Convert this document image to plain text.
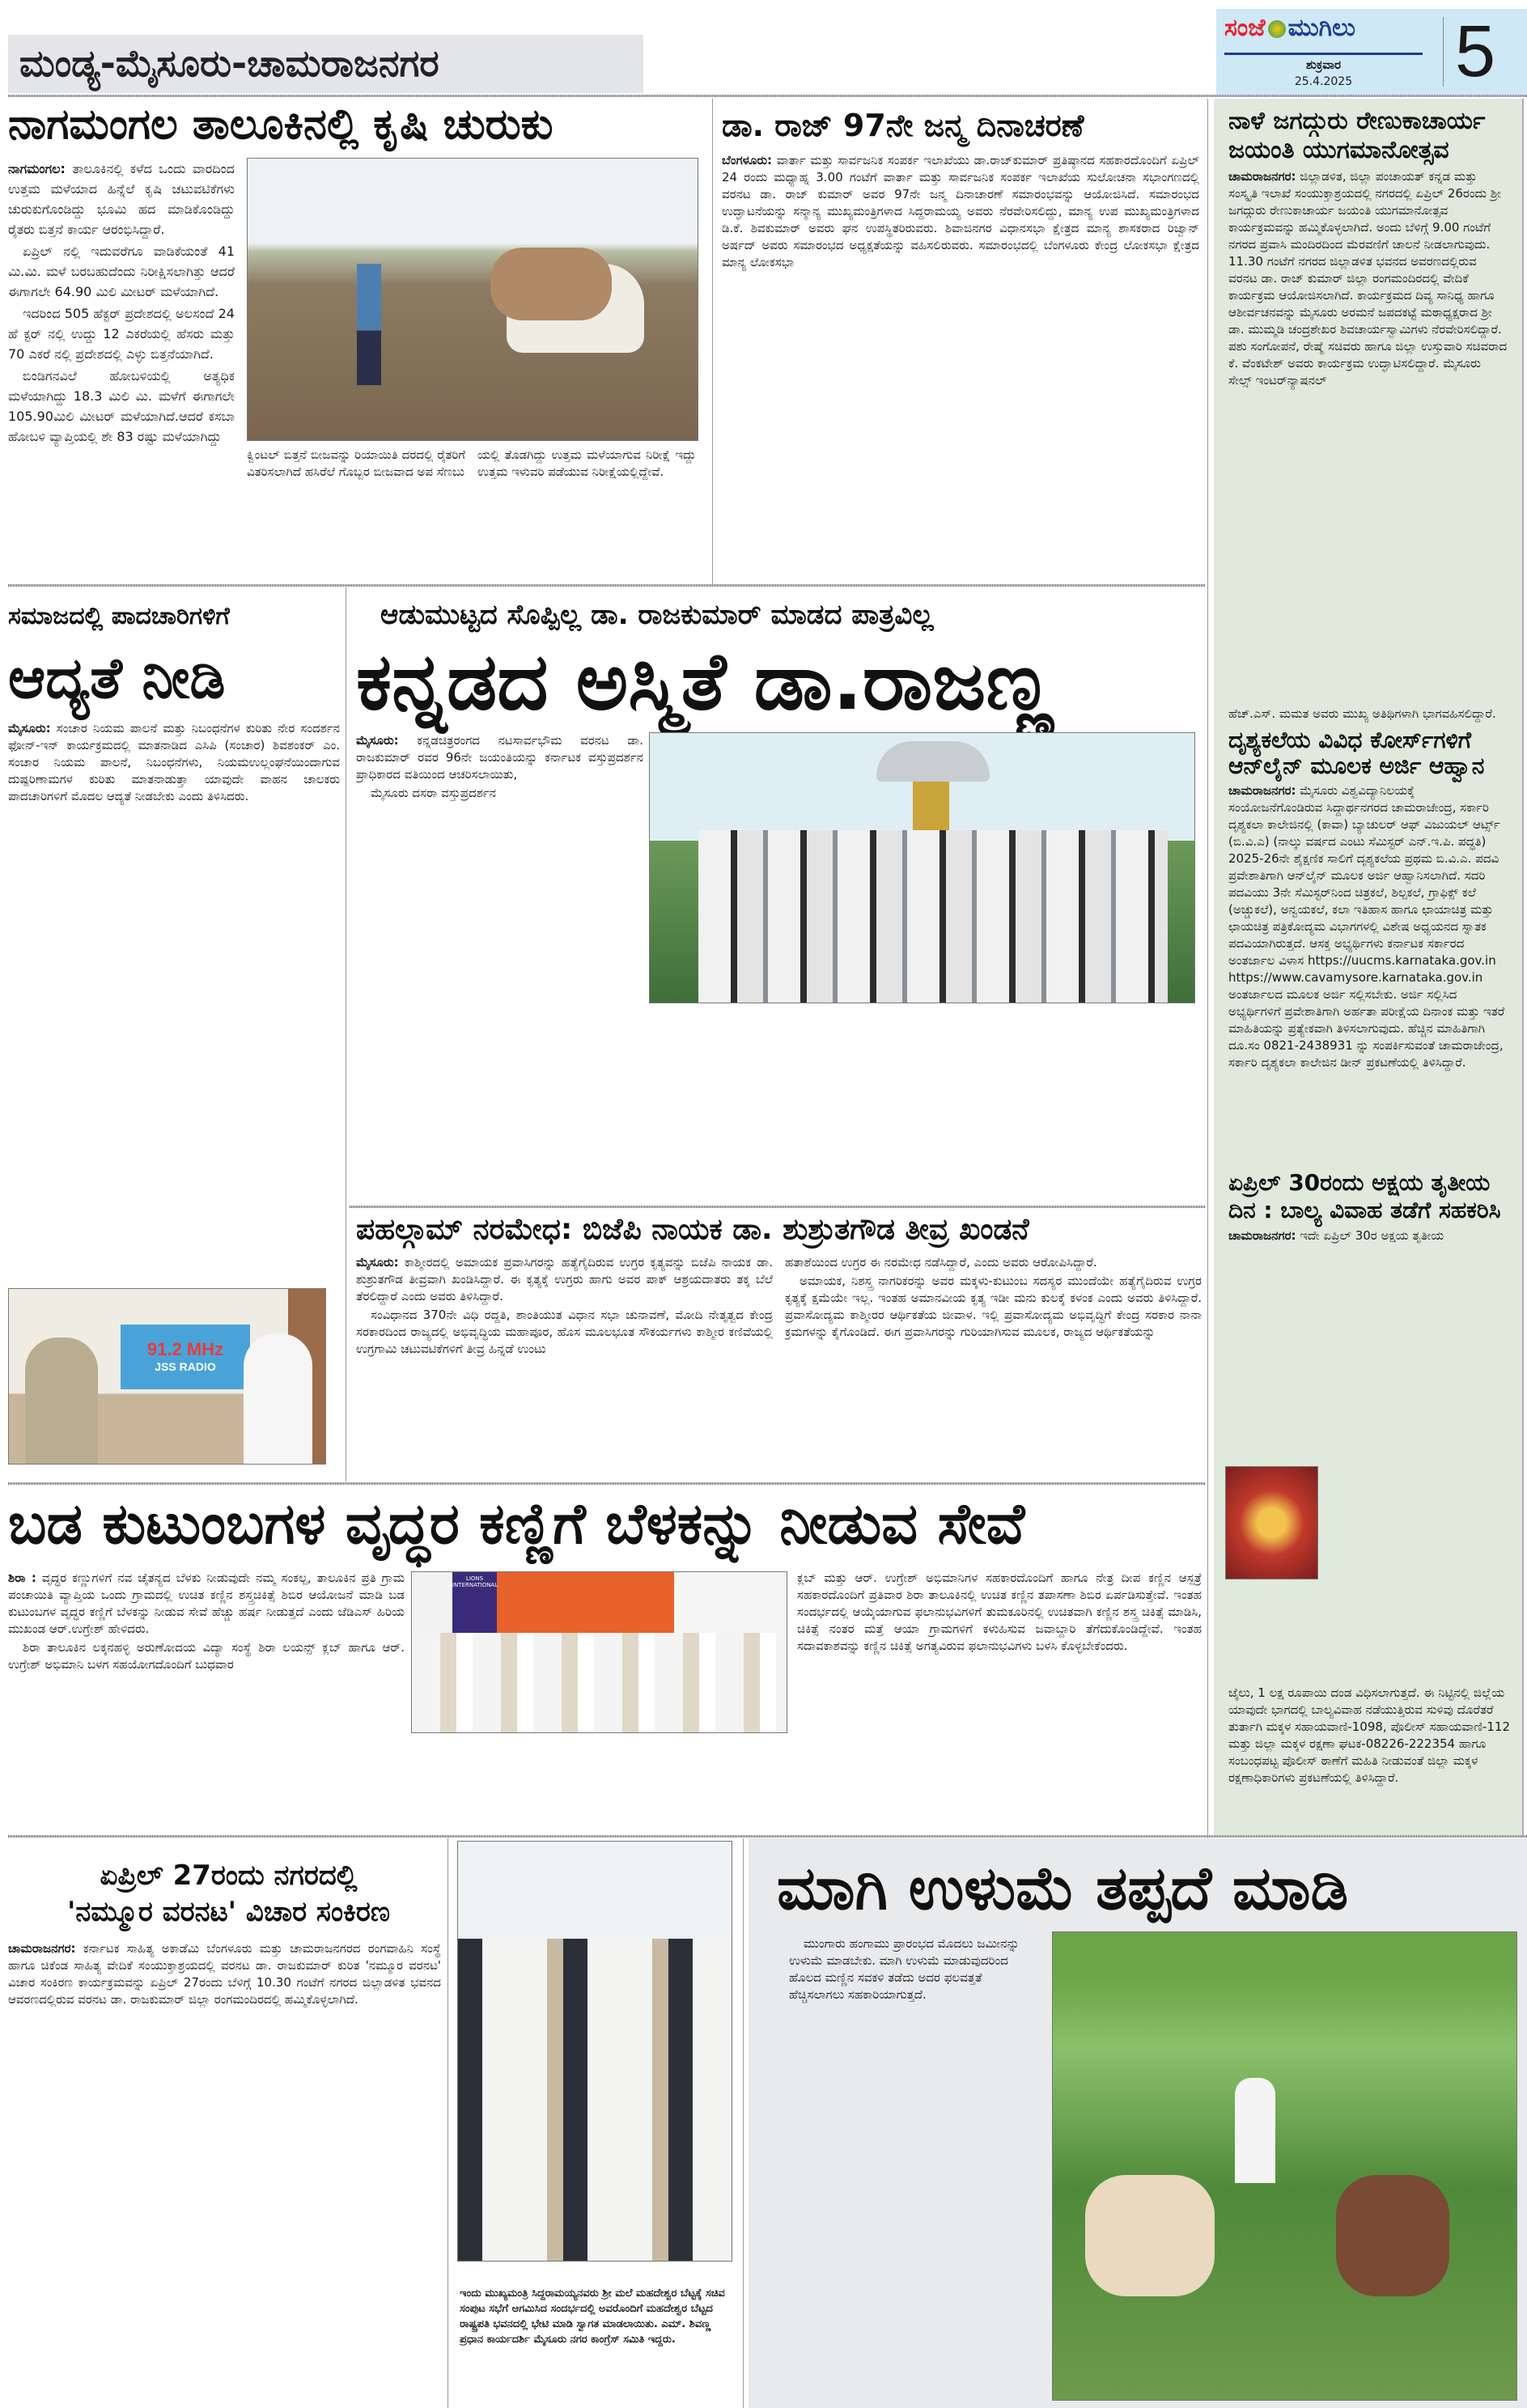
ಮಂಡ್ಯ-ಮೈಸೂರು-ಚಾಮರಾಜನಗರ
ಸಂಜೆ ಮುಗಿಲು
ಶುಕ್ರವಾರ
25.4.2025	5
ನಾಗಮಂಗಲ ತಾಲೂಕಿನಲ್ಲಿ ಕೃಷಿ ಚುರುಕು

ನಾಗಮಂಗಲ: ತಾಲೂಕಿನಲ್ಲಿ ಕಳೆದ ಒಂದು ವಾರದಿಂದ ಉತ್ತಮ ಮಳೆಯಾದ ಹಿನ್ನೆಲೆ ಕೃಷಿ ಚಟುವಟಿಕೆಗಳು ಚುರುಕುಗೊಂಡಿದ್ದು ಭೂಮಿ ಹದ ಮಾಡಿಕೊಂಡಿದ್ದು ರೈತರು ಬಿತ್ತನೆ ಕಾರ್ಯ ಆರಂಭಿಸಿದ್ದಾರೆ.

ಏಪ್ರಿಲ್ ನಲ್ಲಿ ಇದುವರೆಗೂ ವಾಡಿಕೆಯಂತೆ 41 ಮಿ.ಮಿ. ಮಳೆ ಬರಬಹುದೆಂದು ನಿರೀಕ್ಷಿಸಲಾಗಿತ್ತು ಆದರೆ ಈಗಾಗಲೇ 64.90 ಮಿಲಿ ಮೀಟರ್ ಮಳೆಯಾಗಿದೆ.

ಇದರಿಂದ 505 ಹೆಕ್ಟರ್ ಪ್ರದೇಶದಲ್ಲಿ ಅಲಸಂದೆ 24 ಹೆ ಕ್ಟರ್ ನಲ್ಲಿ ಉದ್ದು 12 ಎಕರೆಯಲ್ಲಿ ಹೆಸರು ಮತ್ತು 70 ಎಕರೆ ನಲ್ಲಿ ಪ್ರದೇಶದಲ್ಲಿ ಎಳ್ಳು ಬಿತ್ತನೆಯಾಗಿದೆ.

ಬಿಂಡಿಗನವಿಲೆ ಹೋಬಳಿಯಲ್ಲಿ ಅತ್ಯಧಿಕ ಮಳೆಯಾಗಿದ್ದು 18.3 ಮಿಲಿ ಮಿ. ಮಳೆಗೆ ಈಗಾಗಲೇ 105.90ಮಿಲಿ ಮೀಟರ್ ಮಳೆಯಾಗಿದೆ.ಆದರೆ ಕಸಬಾ ಹೋಬಳಿ ವ್ಯಾಪ್ತಿಯಲ್ಲಿ ಶೇ 83 ರಷ್ಟು ಮಳೆಯಾಗಿದ್ದು

ಕ್ವಿಂಟಲ್ ಬಿತ್ತನೆ ಬೀಜವನ್ನು ರಿಯಾಯಿತಿ ದರದಲ್ಲಿ ರೈತರಿಗೆ ವಿತರಿಸಲಾಗಿದೆ ಹಸಿರೆಲೆ ಗೊಬ್ಬರ ಬೀಜವಾದ ಅಪ ಸೆಣಬು

ಯಲ್ಲಿ ತೊಡಗಿದ್ದು ಉತ್ತಮ ಮಳೆಯಾಗುವ ನಿರೀಕ್ಷೆ ಇದ್ದು ಉತ್ತಮ ಇಳುವರಿ ಪಡೆಯುವ ನಿರೀಕ್ಷೆಯಲ್ಲಿದ್ದೇವೆ.

ಡಾ. ರಾಜ್ 97ನೇ ಜನ್ಮ ದಿನಾಚರಣೆ

ಬೆಂಗಳೂರು: ವಾರ್ತಾ ಮತ್ತು ಸಾರ್ವಜನಿಕ ಸಂಪರ್ಕ ಇಲಾಖೆಯು ಡಾ.ರಾಜ್‌ಕುಮಾರ್ ಪ್ರತಿಷ್ಠಾನದ ಸಹಕಾರದೊಂದಿಗೆ ಏಪ್ರಿಲ್ 24 ರಂದು ಮಧ್ಯಾಹ್ನ 3.00 ಗಂಟೆಗೆ ವಾರ್ತಾ ಮತ್ತು ಸಾರ್ವಜನಿಕ ಸಂಪರ್ಕ ಇಲಾಖೆಯ ಸುಲೋಚನಾ ಸಭಾಂಗಣದಲ್ಲಿ ವರನಟ ಡಾ. ರಾಜ್ ಕುಮಾರ್ ಅವರ 97ನೇ ಜನ್ಮ ದಿನಾಚಾರಣೆ ಸಮಾರಂಭವನ್ನು ಆಯೋಜಿಸಿದೆ. ಸಮಾರಂಭದ ಉದ್ಘಾಟನೆಯನ್ನು ಸನ್ಮಾನ್ಯ ಮುಖ್ಯಮಂತ್ರಿಗಳಾದ ಸಿದ್ದರಾಮಯ್ಯ ಅವರು ನೆರವೇರಿಸಲಿದ್ದು, ಮಾನ್ಯ ಉಪ ಮುಖ್ಯಮಂತ್ರಿಗಳಾದ ಡಿ.ಕೆ. ಶಿವಕುಮಾರ್ ಅವರು ಘನ ಉಪಸ್ಥಿತರಿರುವರು. ಶಿವಾಜಿನಗರ ವಿಧಾನಸಭಾ ಕ್ಷೇತ್ರದ ಮಾನ್ಯ ಶಾಸಕರಾದ ರಿಜ್ವಾನ್ ಅರ್ಷದ್ ಅವರು ಸಮಾರಂಭದ ಅಧ್ಯಕ್ಷತೆಯನ್ನು ವಹಿಸಲಿರುವರು. ಸಮಾರಂಭದಲ್ಲಿ ಬೆಂಗಳೂರು ಕೇಂದ್ರ ಲೋಕಸಭಾ ಕ್ಷೇತ್ರದ ಮಾನ್ಯ ಲೋಕಸಭಾ

ನಾಳೆ ಜಗದ್ಗುರು ರೇಣುಕಾಚಾರ್ಯ ಜಯಂತಿ ಯುಗಮಾನೋತ್ಸವ

ಚಾಮರಾಜನಗರ: ಜಿಲ್ಲಾಡಳಿತ, ಜಿಲ್ಲಾ ಪಂಚಾಯತ್ ಕನ್ನಡ ಮತ್ತು ಸಂಸ್ಕೃತಿ ಇಲಾಖೆ ಸಂಯುಕ್ತಾಶ್ರಯದಲ್ಲಿ ನಗರದಲ್ಲಿ ಏಪ್ರಿಲ್ 26ರಂದು ಶ್ರೀ ಜಗದ್ಗುರು ರೇಣುಕಾಚಾರ್ಯ ಜಯಂತಿ ಯುಗಮಾನೋತ್ಸವ ಕಾರ್ಯಕ್ರಮವನ್ನು ಹಮ್ಮಿಕೊಳ್ಳಲಾಗಿದೆ. ಅಂದು ಬೆಳಿಗ್ಗೆ 9.00 ಗಂಟೆಗೆ ನಗರದ ಪ್ರವಾಸಿ ಮಂದಿರದಿಂದ ಮೆರವಣಿಗೆ ಚಾಲನೆ ನೀಡಲಾಗುವುದು. 11.30 ಗಂಟೆಗೆ ನಗರದ ಜಿಲ್ಲಾಡಳಿತ ಭವನದ ಅವರಣದಲ್ಲಿರುವ ವರನಟ ಡಾ. ರಾಜ್ ಕುಮಾರ್ ಜಿಲ್ಲಾ ರಂಗಮಂದಿರದಲ್ಲಿ ವೇದಿಕೆ ಕಾರ್ಯಕ್ರಮ ಆಯೋಜಿಸಲಾಗಿದೆ. ಕಾರ್ಯಕ್ರಮದ ದಿವ್ಯ ಸಾನಿಧ್ಯ ಹಾಗೂ ಆಶೀರ್ವಚನವನ್ನು ಮೈಸೂರು ಅರಮನೆ ಜಪದಕಟ್ಟೆ ಮಠಾಧ್ಯಕ್ಷರಾದ ಶ್ರೀ ಡಾ. ಮುಮ್ಮಡಿ ಚಂದ್ರಶೇಖರ ಶಿವಚಾರ್ಯಸ್ವಾಮಿಗಳು ನೆರವೇರಿಸಲಿದ್ದಾರೆ. ಪಶು ಸಂಗೋಪನೆ, ರೇಷ್ಮೆ ಸಚಿವರು ಹಾಗೂ ಜಿಲ್ಲಾ ಉಸ್ತುವಾರಿ ಸಚಿವರಾದ ಕೆ. ವೆಂಕಟೇಶ್ ಅವರು ಕಾರ್ಯಕ್ರಮ ಉದ್ಘಾಟಿಸಲಿದ್ದಾರೆ. ಮೈಸೂರು ಸೇಲ್ಸ್ ಇಂಟರ್‌ನ್ಯಾಷನಲ್

ಹೆಚ್.ಎಸ್. ಮಮತ ಅವರು ಮುಖ್ಯ ಅತಿಥಿಗಳಾಗಿ ಭಾಗವಹಿಸಲಿದ್ದಾರೆ.
ದೃಶ್ಯಕಲೆಯ ವಿವಿಧ ಕೋರ್ಸ್‌ಗಳಿಗೆ ಆನ್‌ಲೈನ್ ಮೂಲಕ ಅರ್ಜಿ ಆಹ್ವಾನ

ಚಾಮರಾಜನಗರ: ಮೈಸೂರು ವಿಶ್ವವಿದ್ಯಾನಿಲಯಕ್ಕೆ ಸಂಯೋಜನೆಗೊಂಡಿರುವ ಸಿದ್ದಾರ್ಥನಗರದ ಚಾಮರಾಜೇಂದ್ರ, ಸರ್ಕಾರಿ ದೃಶ್ಯಕಲಾ ಕಾಲೇಜಿನಲ್ಲಿ (ಕಾವಾ) ಬ್ಯಾಚುಲರ್ ಆಫ್ ವಿಜುಯಲ್ ಆರ್ಟ್ಸ್ (ಬಿ.ವಿ.ಎ) (ನಾಲ್ಕು ವರ್ಷದ ಎಂಟು ಸೆಮಿಸ್ಟರ್ ಎನ್.ಇ.ಪಿ. ಪದ್ಧತಿ) 2025-26ನೇ ಶೈಕ್ಷಣಿಕ ಸಾಲಿಗೆ ದೃಶ್ಯಕಲೆಯ ಪ್ರಥಮ ಬಿ.ವಿ.ಎ. ಪದವಿ ಪ್ರವೇಶಾತಿಗಾಗಿ ಆನ್‌ಲೈನ್ ಮೂಲಕ ಅರ್ಜಿ ಆಹ್ವಾನಿಸಲಾಗಿದೆ. ಸದರಿ ಪದವಿಯು 3ನೇ ಸೆಮಿಸ್ಟರ್‌ನಿಂದ ಚಿತ್ರಕಲೆ, ಶಿಲ್ಪಕಲೆ, ಗ್ರಾಫಿಕ್ಸ್ ಕಲೆ (ಅಚ್ಚುಕಲೆ), ಅನ್ವಯಕಲೆ, ಕಲಾ ಇತಿಹಾಸ ಹಾಗೂ ಛಾಯಾಚಿತ್ರ ಮತ್ತು ಛಾಯಚಿತ್ರ ಪತ್ರಿಕೋದ್ಯಮ ವಿಭಾಗಗಳಲ್ಲಿ ವಿಶೇಷ ಅಧ್ಯಯನದ ಸ್ನಾತಕ ಪದವಿಯಾಗಿರುತ್ತದೆ. ಆಸಕ್ತ ಅಭ್ಯರ್ಥಿಗಳು ಕರ್ನಾಟಕ ಸರ್ಕಾರದ ಅಂತರ್ಜಾಲ ವಿಳಾಸ https://uucms.karnataka.gov.in https://www.cavamysore.karnataka.gov.in ಅಂತರ್ಜಾಲದ ಮೂಲಕ ಅರ್ಜಿ ಸಲ್ಲಿಸಬೇಕು. ಅರ್ಜಿ ಸಲ್ಲಿಸಿದ ಅಭ್ಯರ್ಥಿಗಳಿಗೆ ಪ್ರವೇಶಾತಿಗಾಗಿ ಅರ್ಹತಾ ಪರೀಕ್ಷೆಯ ದಿನಾಂಕ ಮತ್ತು ಇತರೆ ಮಾಹಿತಿಯನ್ನು ಪ್ರತ್ಯೇಕವಾಗಿ ತಿಳಿಸಲಾಗುವುದು. ಹೆಚ್ಚಿನ ಮಾಹಿತಿಗಾಗಿ ದೂ.ಸಂ 0821-2438931 ನ್ನು ಸಂಪರ್ಕಿಸುವಂತೆ ಚಾಮರಾಜೇಂದ್ರ, ಸರ್ಕಾರಿ ದೃಶ್ಯಕಲಾ ಕಾಲೇಜಿನ ಡೀನ್ ಪ್ರಕಟಣೆಯಲ್ಲಿ ತಿಳಿಸಿದ್ದಾರೆ.

ಏಪ್ರಿಲ್ 30ರಂದು ಅಕ್ಷಯ ತೃತೀಯ ದಿನ : ಬಾಲ್ಯ ವಿವಾಹ ತಡೆಗೆ ಸಹಕರಿಸಿ

ಚಾಮರಾಜನಗರ: ಇದೇ ಏಪ್ರಿಲ್ 30ರ ಅಕ್ಷಯ ತೃತೀಯ

ಜೈಲು, 1 ಲಕ್ಷ ರೂಪಾಯಿ ದಂಡ ವಿಧಿಸಲಾಗುತ್ತದೆ. ಈ ನಿಟ್ಟಿನಲ್ಲಿ ಜಿಲ್ಲೆಯ ಯಾವುದೇ ಭಾಗದಲ್ಲಿ ಬಾಲ್ಯವಿವಾಹ ನಡೆಯುತ್ತಿರುವ ಸುಳಿವು ದೊರೆತರೆ ತುರ್ತಾಗಿ ಮಕ್ಕಳ ಸಹಾಯವಾಣಿ-1098, ಪೊಲೀಸ್ ಸಹಾಯವಾಣಿ-112 ಮತ್ತು ಜಿಲ್ಲಾ ಮಕ್ಕಳ ರಕ್ಷಣಾ ಘಟಕ-08226-222354 ಹಾಗೂ ಸಂಬಂಧಪಟ್ಟ ಪೊಲೀಸ್ ಠಾಣೆಗೆ ಮಹಿತಿ ನೀಡುವಂತೆ ಜಿಲ್ಲಾ ಮಕ್ಕಳ ರಕ್ಷಣಾಧಿಕಾರಿಗಳು ಪ್ರಕಟಣೆಯಲ್ಲಿ ತಿಳಿಸಿದ್ದಾರೆ.
ಸಮಾಜದಲ್ಲಿ ಪಾದಚಾರಿಗಳಿಗೆ
ಆದ್ಯತೆ ನೀಡಿ

ಮೈಸೂರು: ಸಂಚಾರ ನಿಯಮ ಪಾಲನೆ ಮತ್ತು ನಿಬಂಧನೆಗಳ ಕುರಿತು ನೇರ ಸಂದರ್ಶನ ಫೋನ್-ಇನ್ ಕಾರ್ಯಕ್ರಮದಲ್ಲಿ ಮಾತನಾಡಿದ ಎಸಿಪಿ (ಸಂಚಾರ) ಶಿವಶಂಕರ್ ಎಂ. ಸಂಚಾರ ನಿಯಮ ಪಾಲನೆ, ನಿಬಂಧನೆಗಳು, ನಿಯಮಉಲ್ಲಂಘನೆಯಿಂದಾಗುವ ದುಷ್ಪರಿಣಾಮಗಳ ಕುರಿತು ಮಾತನಾಡುತ್ತಾ ಯಾವುದೇ ವಾಹನ ಚಾಲಕರು ಪಾದಚಾರಿಗಳಿಗೆ ಮೊದಲ ಆದ್ಯತೆ ನೀಡಬೇಕು ಎಂದು ತಿಳಿಸಿದರು.

91.2 MHz
JSS RADIO
ಆಡುಮುಟ್ಟದ ಸೊಪ್ಪಿಲ್ಲ ಡಾ. ರಾಜಕುಮಾರ್ ಮಾಡದ ಪಾತ್ರವಿಲ್ಲ
ಕನ್ನಡದ ಅಸ್ಮಿತೆ ಡಾ.ರಾಜಣ್ಣ

ಮೈಸೂರು: ಕನ್ನಡಚಿತ್ರರಂಗದ ನಟಸಾರ್ವಭೌಮ ವರನಟ ಡಾ. ರಾಜಕುಮಾರ್ ರವರ 96ನೇ ಜಯಂತಿಯನ್ನು ಕರ್ನಾಟಕ ವಸ್ತುಪ್ರದರ್ಶನ ಪ್ರಾಧಿಕಾರದ ವತಿಯಿಂದ ಆಚರಿಸಲಾಯಿತು,

ಮೈಸೂರು ದಸರಾ ವಸ್ತುಪ್ರದರ್ಶನ

ಪಹಲ್ಗಾಮ್ ನರಮೇಧ: ಬಿಜೆಪಿ ನಾಯಕ ಡಾ. ಶುಶ್ರುತಗೌಡ ತೀವ್ರ ಖಂಡನೆ

ಮೈಸೂರು: ಕಾಶ್ಮೀರದಲ್ಲಿ ಅಮಾಯಕ ಪ್ರವಾಸಿಗರನ್ನು ಹತ್ಯೆಗೈದಿರುವ ಉಗ್ರರ ಕೃತ್ಯವನ್ನು ಬಿಜೆಪಿ ನಾಯಕ ಡಾ. ಶುಶ್ರುತಗೌಡ ತೀವ್ರವಾಗಿ ಖಂಡಿಸಿದ್ದಾರೆ. ಈ ಕೃತ್ಯಕ್ಕೆ ಉಗ್ರರು ಹಾಗು ಅವರ ಪಾಕ್ ಆಶ್ರಯದಾತರು ತಕ್ಕ ಬೆಲೆ ತೆರಲಿದ್ದಾರೆ ಎಂದು ಅವರು ತಿಳಿಸಿದ್ದಾರೆ.

ಸಂವಿಧಾನದ 370ನೇ ವಿಧಿ ರದ್ದತಿ, ಶಾಂತಿಯುತ ವಿಧಾನ ಸಭಾ ಚುನಾವಣೆ, ಮೋದಿ ನೇತೃತ್ವದ ಕೇಂದ್ರ ಸರಕಾರದಿಂದ ರಾಜ್ಯದಲ್ಲಿ ಅಭಿವೃದ್ಧಿಯ ಮಹಾಪೂರ, ಹೊಸ ಮೂಲಭೂತ ಸೌಕರ್ಯಗಳು ಕಾಶ್ಮೀರ ಕಣಿವೆಯಲ್ಲಿ ಉಗ್ರಗಾಮಿ ಚಟುವಟಿಕೆಗಳಿಗೆ ತೀವ್ರ ಹಿನ್ನಡೆ ಉಂಟು

ಹತಾಶೆಯಿಂದ ಉಗ್ರರ ಈ ನರಮೇಧ ನಡೆಸಿದ್ದಾರೆ, ಎಂದು ಅವರು ಆರೋಪಿಸಿದ್ದಾರೆ.

ಅಮಾಯಕ, ನಿಶಸ್ತ್ರ ನಾಗರಿಕರನ್ನು ಅವರ ಮಕ್ಕಳು-ಕುಟುಂಬ ಸದಸ್ಯರ ಮುಂದೆಯೇ ಹತ್ಯೆಗೈದಿರುವ ಉಗ್ರರ ಕೃತ್ಯಕ್ಕೆ ಕ್ಷಮೆಯೇ ಇಲ್ಲ. ಇಂತಹ ಅಮಾನವೀಯ ಕೃತ್ಯ ಇಡೀ ಮನು ಕುಲಕ್ಕೆ ಕಳಂಕ ಎಂದು ಅವರು ತಿಳಿಸಿದ್ದಾರೆ. ಪ್ರವಾಸೋದ್ಯಮ ಕಾಶ್ಮೀರರ ಆರ್ಥಿಕತೆಯ ಜೀವಾಳ. ಇಲ್ಲಿ ಪ್ರವಾಸೋದ್ಯಮ ಅಭಿವೃದ್ಧಿಗೆ ಕೇಂದ್ರ ಸರಕಾರ ನಾನಾ ಕ್ರಮಗಳನ್ನು ಕೈಗೊಂಡಿದೆ. ಈಗ ಪ್ರವಾಸಿಗರನ್ನು ಗುರಿಯಾಗಿಸುವ ಮೂಲಕ, ರಾಜ್ಯದ ಆರ್ಥಿಕತೆಯನ್ನು

ಬಡ ಕುಟುಂಬಗಳ ವೃದ್ಧರ ಕಣ್ಣಿಗೆ ಬೆಳಕನ್ನು ನೀಡುವ ಸೇವೆ

ಶಿರಾ : ವೃದ್ಧರ ಕಣ್ಣುಗಳಿಗೆ ನವ ಚೈತನ್ಯದ ಬೆಳಕು ನೀಡುವುದೇ ನಮ್ಮ ಸಂಕಲ್ಪ, ತಾಲೂಕಿನ ಪ್ರತಿ ಗ್ರಾಮ ಪಂಚಾಯಿತಿ ವ್ಯಾಪ್ತಿಯ ಒಂದು ಗ್ರಾಮದಲ್ಲಿ ಉಚಿತ ಕಣ್ಣಿನ ಶಸ್ತ್ರಚಿಕಿತ್ಸೆ ಶಿಬಿರ ಆಯೋಜನೆ ಮಾಡಿ ಬಡ ಕುಟುಂಬಗಳ ವೃದ್ಧರ ಕಣ್ಣಿಗೆ ಬೆಳಕನ್ನು ನೀಡುವ ಸೇವೆ ಹೆಚ್ಚು ಹರ್ಷ ನೀಡುತ್ತದೆ ಎಂದು ಜೆಡಿಎಸ್ ಹಿರಿಯ ಮುಖಂಡ ಆರ್.ಉಗ್ರೇಶ್ ಹೇಳಿದರು.

ಶಿರಾ ತಾಲೂಕಿನ ಲಕ್ಕನಹಳ್ಳಿ ಅರುಣೋದಯ ವಿದ್ಯಾ ಸಂಸ್ಥೆ ಶಿರಾ ಲಯನ್ಸ್ ಕ್ಲಬ್ ಹಾಗೂ ಆರ್. ಉಗ್ರೇಶ್ ಅಭಿಮಾನಿ ಬಳಗ ಸಹಯೋಗದೊಂದಿಗೆ ಬುಧವಾರ

LIONS INTERNATIONAL	ಕ್ಲಬ್ ಮತ್ತು ಆರ್. ಉಗ್ರೇಶ್ ಅಭಿಮಾನಿಗಳ ಸಹಕಾರದೊಂದಿಗೆ ಹಾಗೂ ನೇತ್ರ ದೀಪ ಕಣ್ಣಿನ ಆಸ್ಪತ್ರೆ ಸಹಕಾರದೊಂದಿಗೆ ಪ್ರತಿವಾರ ಶಿರಾ ತಾಲೂಕಿನಲ್ಲಿ ಉಚಿತ ಕಣ್ಣಿನ ತಪಾಸಣಾ ಶಿಬಿರ ಏರ್ಪಡಿಸುತ್ತೇವೆ. ಇಂತಹ ಸಂದರ್ಭದಲ್ಲಿ ಆಯ್ಕೆಯಾಗುವ ಫಲಾನುಭವಿಗಳಿಗೆ ತುಮಕೂರಿನಲ್ಲಿ ಉಚಿತವಾಗಿ ಕಣ್ಣಿನ ಶಸ್ತ್ರ ಚಿಕಿತ್ಸೆ ಮಾಡಿಸಿ, ಚಿಕಿತ್ಸೆ ನಂತರ ಮತ್ತೆ ಆಯಾ ಗ್ರಾಮಗಳಿಗೆ ಕಳುಹಿಸುವ ಜವಾಬ್ದಾರಿ ತೆಗೆದುಕೊಂಡಿದ್ದೇವೆ. ಇಂತಹ ಸದಾವಕಾಶವನ್ನು ಕಣ್ಣಿನ ಚಿಕಿತ್ಸೆ ಅಗತ್ಯವಿರುವ ಫಲಾನುಭವಿಗಳು ಬಳಸಿ ಕೊಳ್ಳಬೇಕೆಂದರು.

ಏಪ್ರಿಲ್ 27ರಂದು ನಗರದಲ್ಲಿ
'ನಮ್ಮೂರ ವರನಟ' ವಿಚಾರ ಸಂಕಿರಣ

ಚಾಮರಾಜನಗರ: ಕರ್ನಾಟಕ ಸಾಹಿತ್ಯ ಅಕಾಡೆಮಿ ಬೆಂಗಳೂರು ಮತ್ತು ಚಾಮರಾಜನಗರದ ರಂಗವಾಹಿನಿ ಸಂಸ್ಥೆ ಹಾಗೂ ಚಿಕೆಂಡ ಸಾಹಿತ್ಯ ವೇದಿಕೆ ಸಂಯುಕ್ತಾಶ್ರಯದಲ್ಲಿ ವರನಟ ಡಾ. ರಾಜಕುಮಾರ್ ಕುರಿತ 'ನಮ್ಮೂರ ವರನಟ' ವಿಚಾರ ಸಂಕಿರಣ ಕಾರ್ಯಕ್ರಮವನ್ನು ಏಪ್ರಿಲ್ 27ರಂದು ಬೆಳಿಗ್ಗೆ 10.30 ಗಂಟೆಗೆ ನಗರದ ಜಿಲ್ಲಾಡಳಿತ ಭವನದ ಆವರಣದಲ್ಲಿರುವ ವರನಟ ಡಾ. ರಾಜಕುಮಾರ್ ಜಿಲ್ಲಾ ರಂಗಮಂದಿರದಲ್ಲಿ ಹಮ್ಮಿಕೊಳ್ಳಲಾಗಿದೆ.

ಇಂದು ಮುಖ್ಯಮಂತ್ರಿ ಸಿದ್ದರಾಮಯ್ಯನವರು ಶ್ರೀ ಮಲೆ ಮಹದೇಶ್ವರ ಬೆಟ್ಟಕ್ಕೆ ಸಚಿವ ಸಂಪುಟ ಸಭೆಗೆ ಆಗಮಿಸಿದ ಸಂದರ್ಭದಲ್ಲಿ ಅವರೊಂದಿಗೆ ಮಹದೇಶ್ವರ ಬೆಟ್ಟದ ರಾಷ್ಟ್ರಪತಿ ಭವನದಲ್ಲಿ ಭೇಟಿ ಮಾಡಿ ಸ್ವಾಗತ ಮಾಡಲಾಯಿತು. ಎಮ್. ಶಿವಣ್ಣ ಪ್ರಧಾನ ಕಾರ್ಯದರ್ಶಿ ಮೈಸೂರು ನಗರ ಕಾಂಗ್ರೆಸ್ ಸಮಿತಿ ಇದ್ದರು.
ಮಾಗಿ ಉಳುಮೆ ತಪ್ಪದೆ ಮಾಡಿ

ಮುಂಗಾರು ಹಂಗಾಮು ಪ್ರಾರಂಭದ ಮೊದಲು ಜಮೀನನ್ನು ಉಳುಮೆ ಮಾಡಬೇಕು. ಮಾಗಿ ಉಳುಮೆ ಮಾಡುವುದರಿಂದ ಹೊಲದ ಮಣ್ಣಿನ ಸವಕಳಿ ತಡೆದು ಅದರ ಫಲವತ್ತತೆ ಹೆಚ್ಚಿಸಲಾಗಲು ಸಹಕಾರಿಯಾಗುತ್ತದೆ.
